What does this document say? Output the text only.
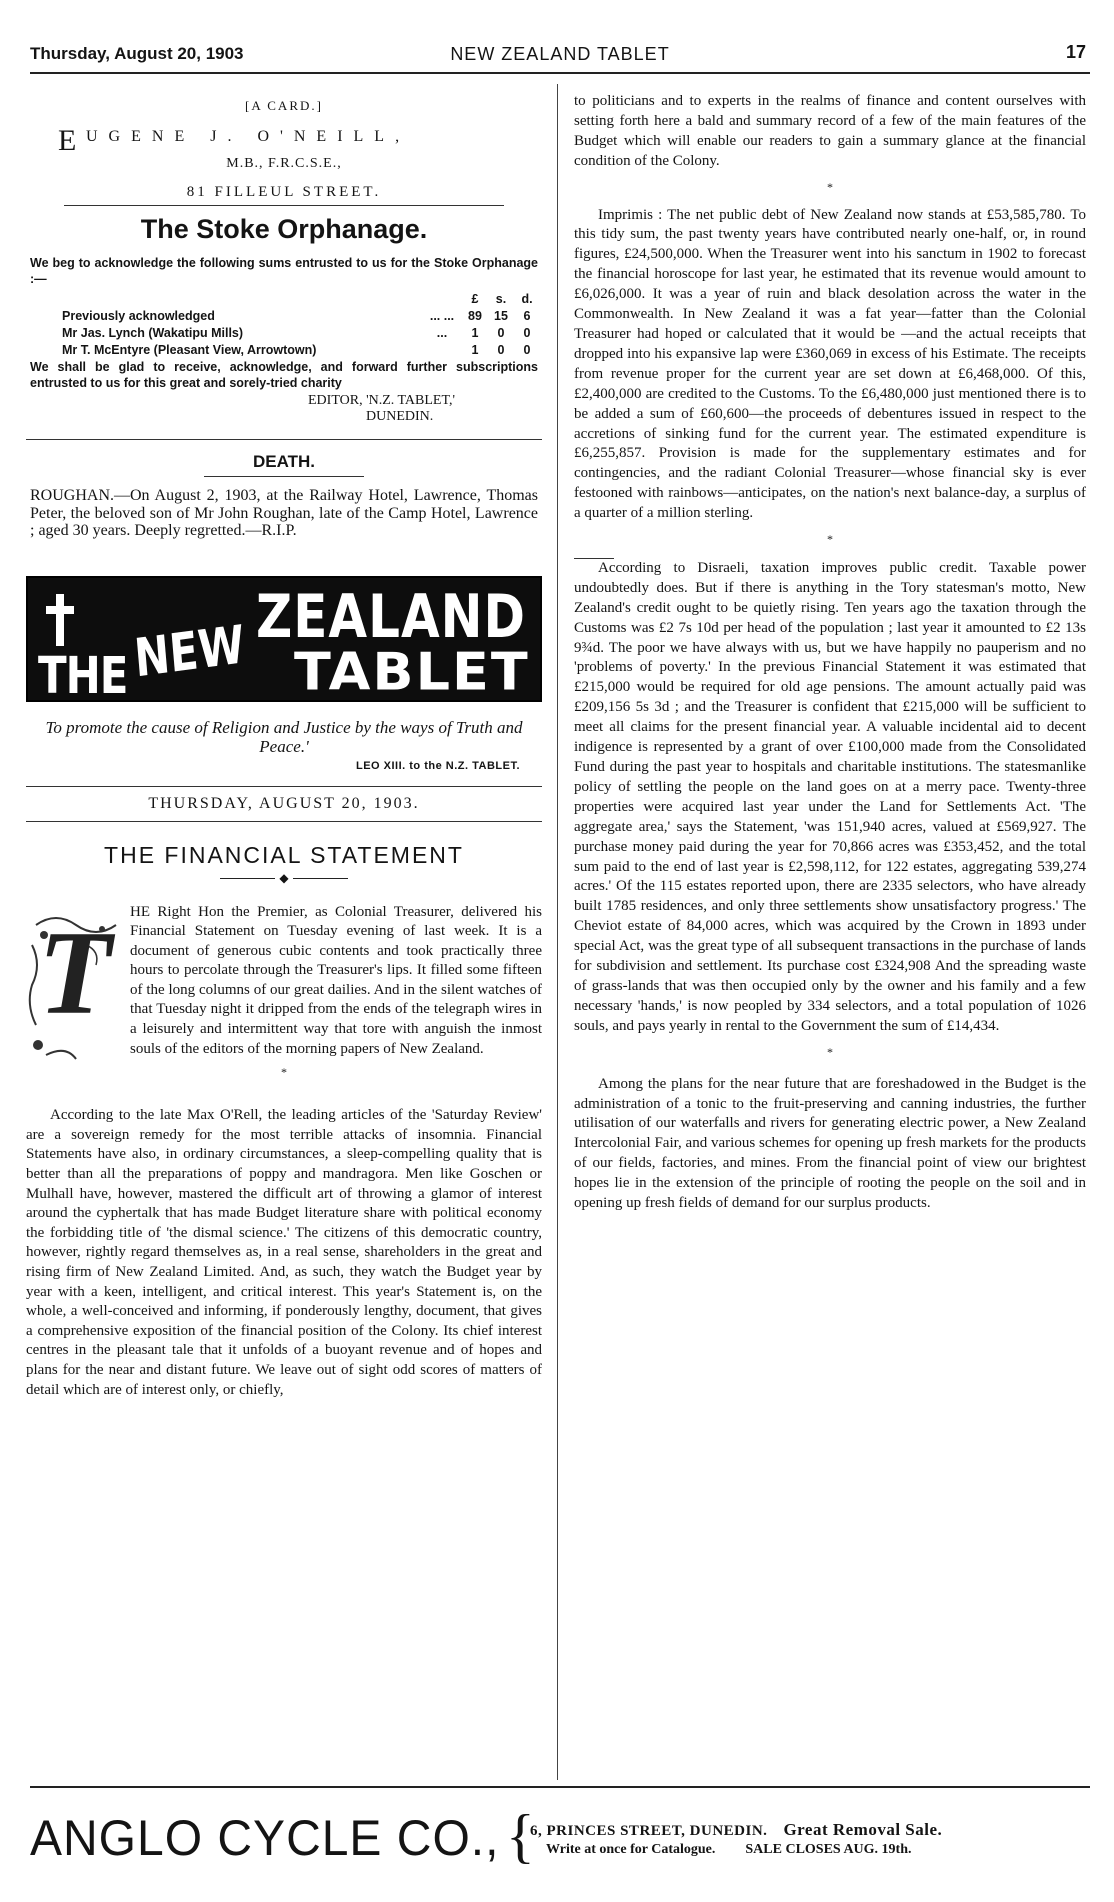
Thursday, August 20, 1903	NEW ZEALAND TABLET	17
[A CARD.]
E
UGENE J. O'NEILL,
M.B., F.R.C.S.E.,
81 FILLEUL STREET.
The Stoke Orphanage.
We beg to acknowledge the following sums entrusted to us for the Stoke Orphanage :—
		£	s.	d.
Previously acknowledged	... ...	89	15	6
Mr Jas. Lynch (Wakatipu Mills)	...	1	0	0
Mr T. McEntyre (Pleasant View, Arrowtown)		1	0	0
We shall be glad to receive, acknowledge, and forward further subscriptions entrusted to us for this great and sorely-tried charity
EDITOR, 'N.Z. TABLET,'
DUNEDIN.
DEATH.
ROUGHAN.—On August 2, 1903, at the Railway Hotel, Lawrence, Thomas Peter, the beloved son of Mr John Roughan, late of the Camp Hotel, Lawrence ; aged 30 years. Deeply regretted.—R.I.P.
THE NEW ZEALAND
TABLET
To promote the cause of Religion and Justice by the ways of Truth and Peace.'
LEO XIII. to the N.Z. TABLET.
THURSDAY, AUGUST 20, 1903.
THE FINANCIAL STATEMENT
◆
T HE Right Hon the Premier, as Colonial Treasurer, delivered his Financial Statement on Tuesday evening of last week. It is a document of generous cubic contents and took practically three hours to percolate through the Treasurer's lips. It filled some fifteen of the long columns of our great dailies. And in the silent watches of that Tuesday night it dripped from the ends of the telegraph wires in a leisurely and intermittent way that tore with anguish the inmost souls of the editors of the morning papers of New Zealand.
*
According to the late Max O'Rell, the leading articles of the 'Saturday Review' are a sovereign remedy for the most terrible attacks of insomnia. Financial Statements have also, in ordinary circumstances, a sleep-compelling quality that is better than all the preparations of poppy and mandragora. Men like Goschen or Mulhall have, however, mastered the difficult art of throwing a glamor of interest around the cyphertalk that has made Budget literature share with political economy the forbidding title of 'the dismal science.' The citizens of this democratic country, however, rightly regard themselves as, in a real sense, shareholders in the great and rising firm of New Zealand Limited. And, as such, they watch the Budget year by year with a keen, intelligent, and critical interest. This year's Statement is, on the whole, a well-conceived and informing, if ponderously lengthy, document, that gives a comprehensive exposition of the financial position of the Colony. Its chief interest centres in the pleasant tale that it unfolds of a buoyant revenue and of hopes and plans for the near and distant future. We leave out of sight odd scores of matters of detail which are of interest only, or chiefly,
to politicians and to experts in the realms of finance and content ourselves with setting forth here a bald and summary record of a few of the main features of the Budget which will enable our readers to gain a summary glance at the financial condition of the Colony.
*
Imprimis : The net public debt of New Zealand now stands at £53,585,780. To this tidy sum, the past twenty years have contributed nearly one-half, or, in round figures, £24,500,000. When the Treasurer went into his sanctum in 1902 to forecast the financial horoscope for last year, he estimated that its revenue would amount to £6,026,000. It was a year of ruin and black desolation across the water in the Commonwealth. In New Zealand it was a fat year—fatter than the Colonial Treasurer had hoped or calculated that it would be —and the actual receipts that dropped into his expansive lap were £360,069 in excess of his Estimate. The receipts from revenue proper for the current year are set down at £6,468,000. Of this, £2,400,000 are credited to the Customs. To the £6,480,000 just mentioned there is to be added a sum of £60,600—the proceeds of debentures issued in respect to the accretions of sinking fund for the current year. The estimated expenditure is £6,255,857. Provision is made for the supplementary estimates and for contingencies, and the radiant Colonial Treasurer—whose financial sky is ever festooned with rainbows—anticipates, on the nation's next balance-day, a surplus of a quarter of a million sterling.
*
According to Disraeli, taxation improves public credit. Taxable power undoubtedly does. But if there is anything in the Tory statesman's motto, New Zealand's credit ought to be quietly rising. Ten years ago the taxation through the Customs was £2 7s 10d per head of the population ; last year it amounted to £2 13s 9¾d. The poor we have always with us, but we have happily no pauperism and no 'problems of poverty.' In the previous Financial Statement it was estimated that £215,000 would be required for old age pensions. The amount actually paid was £209,156 5s 3d ; and the Treasurer is confident that £215,000 will be sufficient to meet all claims for the present financial year. A valuable incidental aid to decent indigence is represented by a grant of over £100,000 made from the Consolidated Fund during the past year to hospitals and charitable institutions. The statesmanlike policy of settling the people on the land goes on at a merry pace. Twenty-three properties were acquired last year under the Land for Settlements Act. 'The aggregate area,' says the Statement, 'was 151,940 acres, valued at £569,927. The purchase money paid during the year for 70,866 acres was £353,452, and the total sum paid to the end of last year is £2,598,112, for 122 estates, aggregating 539,274 acres.' Of the 115 estates reported upon, there are 2335 selectors, who have already built 1785 residences, and only three settlements show unsatisfactory progress.' The Cheviot estate of 84,000 acres, which was acquired by the Crown in 1893 under special Act, was the great type of all subsequent transactions in the purchase of lands for subdivision and settlement. Its purchase cost £324,908 And the spreading waste of grass-lands that was then occupied only by the owner and his family and a few necessary 'hands,' is now peopled by 334 selectors, and a total population of 1026 souls, and pays yearly in rental to the Government the sum of £14,434.
*
Among the plans for the near future that are foreshadowed in the Budget is the administration of a tonic to the fruit-preserving and canning industries, the further utilisation of our waterfalls and rivers for generating electric power, a New Zealand Intercolonial Fair, and various schemes for opening up fresh markets for the products of our fields, factories, and mines. From the financial point of view our brightest hopes lie in the extension of the principle of rooting the people on the soil and in opening up fresh fields of demand for our surplus products.
ANGLO CYCLE CO., {
6, PRINCES STREET, DUNEDIN. Great Removal Sale.
Write at once for Catalogue. SALE CLOSES AUG. 19th.
